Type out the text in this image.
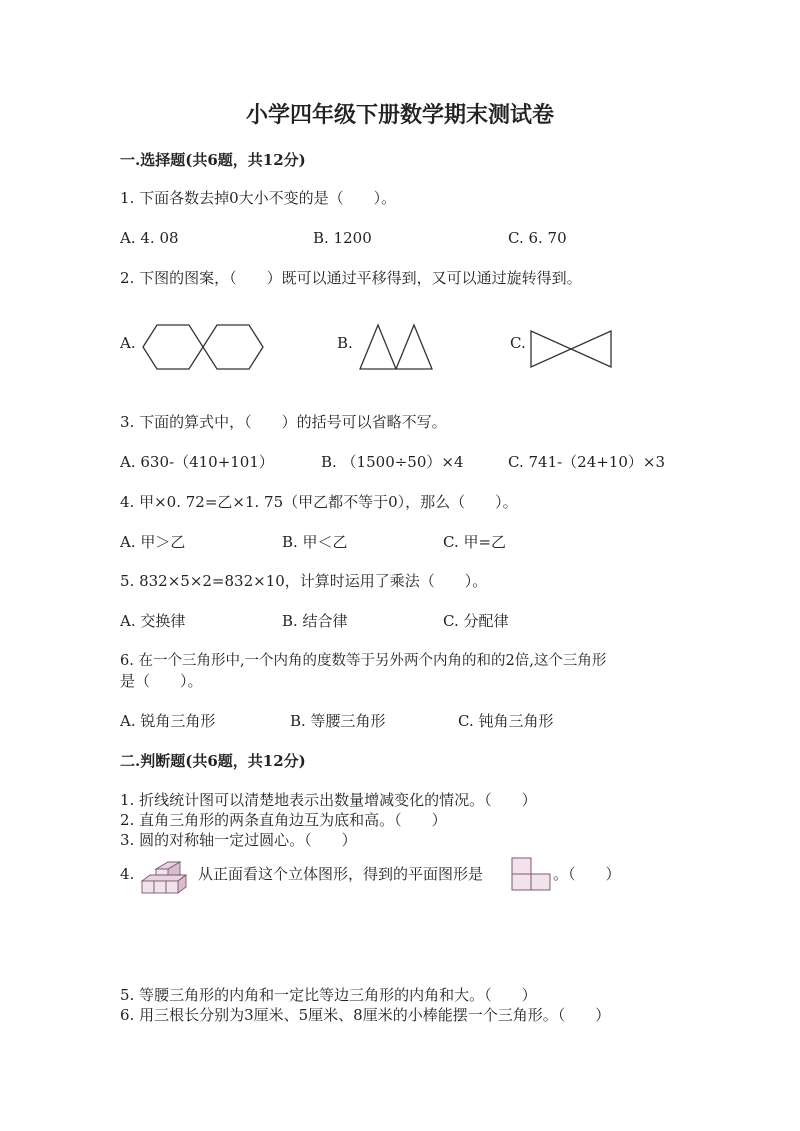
小学四年级下册数学期末测试卷
一.选择题(共6题，共12分)
1. 下面各数去掉0大小不变的是（　　）。
A. 4. 08	B. 1200	C. 6. 70
2. 下图的图案，（　　）既可以通过平移得到，又可以通过旋转得到。
A.	B.	C.
3. 下面的算式中，（　　）的括号可以省略不写。
A. 630-（410+101）	B. （1500÷50）×4	C. 741-（24+10）×3
4. 甲×0. 72=乙×1. 75（甲乙都不等于0），那么（　　）。
A. 甲＞乙	B. 甲＜乙	C. 甲=乙
5. 832×5×2=832×10，计算时运用了乘法（　　）。
A. 交换律	B. 结合律	C. 分配律
6. 在一个三角形中,一个内角的度数等于另外两个内角的和的2倍,这个三角形
是（　　）。
A. 锐角三角形	B. 等腰三角形	C. 钝角三角形
二.判断题(共6题，共12分)
1. 折线统计图可以清楚地表示出数量增减变化的情况。（　　）
2. 直角三角形的两条直角边互为底和高。（　　）
3. 圆的对称轴一定过圆心。（　　）
4.	从正面看这个立体图形，得到的平面图形是	。（　　）
5. 等腰三角形的内角和一定比等边三角形的内角和大。（　　）
6. 用三根长分别为3厘米、5厘米、8厘米的小棒能摆一个三角形。（　　）
